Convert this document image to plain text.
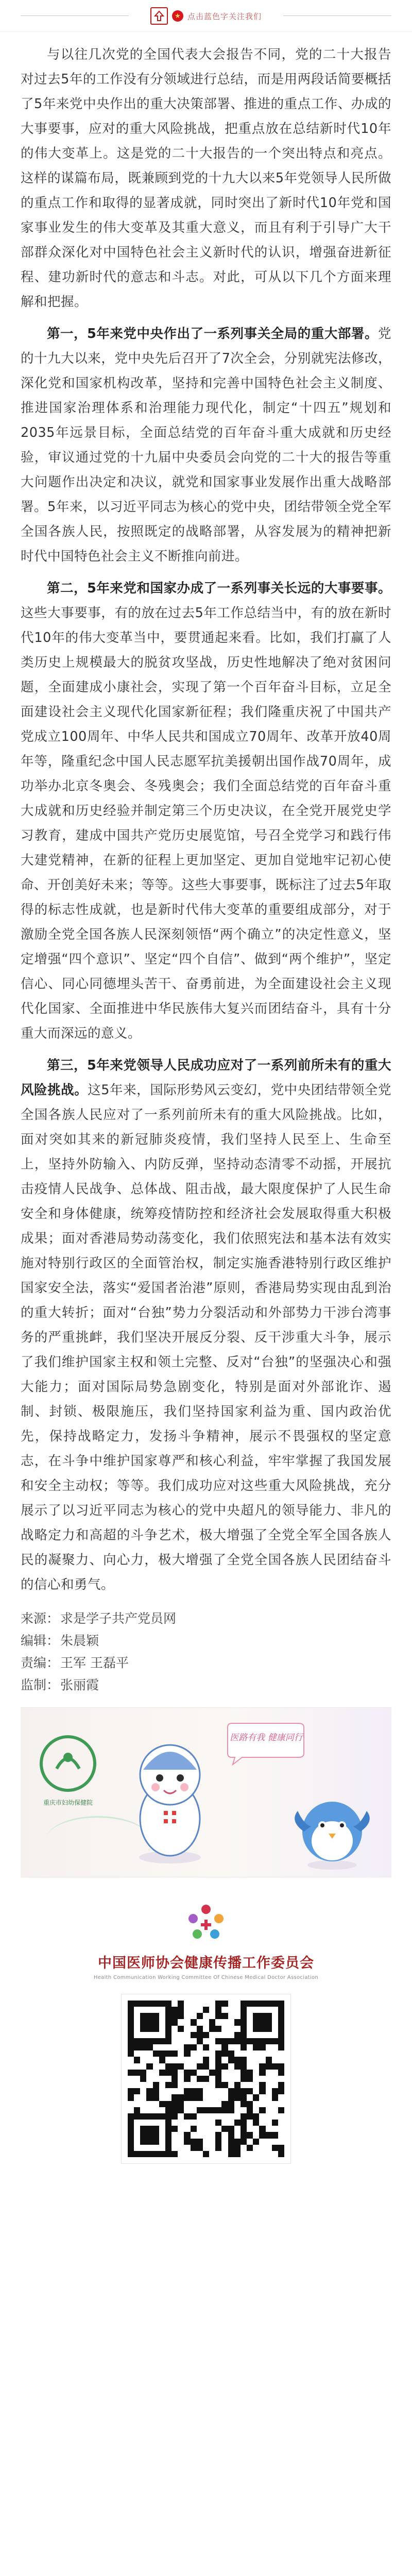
★ 点击蓝色字关注我们

与以往几次党的全国代表大会报告不同，党的二十大报告对过去5年的工作没有分领域进行总结，而是用两段话简要概括了5年来党中央作出的重大决策部署、推进的重点工作、办成的大事要事，应对的重大风险挑战，把重点放在总结新时代10年的伟大变革上。这是党的二十大报告的一个突出特点和亮点。这样的谋篇布局，既兼顾到党的十九大以来5年党领导人民所做的重点工作和取得的显著成就，同时突出了新时代10年党和国家事业发生的伟大变革及其重大意义，而且有利于引导广大干部群众深化对中国特色社会主义新时代的认识，增强奋进新征程、建功新时代的意志和斗志。对此，可从以下几个方面来理解和把握。

第一，5年来党中央作出了一系列事关全局的重大部署。党的十九大以来，党中央先后召开了7次全会，分别就宪法修改，深化党和国家机构改革，坚持和完善中国特色社会主义制度、推进国家治理体系和治理能力现代化，制定“十四五”规划和2035年远景目标，全面总结党的百年奋斗重大成就和历史经验，审议通过党的十九届中央委员会向党的二十大的报告等重大问题作出决定和决议，就党和国家事业发展作出重大战略部署。5年来，以习近平同志为核心的党中央，团结带领全党全军全国各族人民，按照既定的战略部署，从容发展为的精神把新时代中国特色社会主义不断推向前进。

第二，5年来党和国家办成了一系列事关长远的大事要事。这些大事要事，有的放在过去5年工作总结当中，有的放在新时代10年的伟大变革当中，要贯通起来看。比如，我们打赢了人类历史上规模最大的脱贫攻坚战，历史性地解决了绝对贫困问题，全面建成小康社会，实现了第一个百年奋斗目标，立足全面建设社会主义现代化国家新征程；我们隆重庆祝了中国共产党成立100周年、中华人民共和国成立70周年、改革开放40周年等，隆重纪念中国人民志愿军抗美援朝出国作战70周年，成功举办北京冬奥会、冬残奥会；我们全面总结党的百年奋斗重大成就和历史经验并制定第三个历史决议，在全党开展党史学习教育，建成中国共产党历史展览馆，号召全党学习和践行伟大建党精神，在新的征程上更加坚定、更加自觉地牢记初心使命、开创美好未来；等等。这些大事要事，既标注了过去5年取得的标志性成就，也是新时代伟大变革的重要组成部分，对于激励全党全国各族人民深刻领悟“两个确立”的决定性意义，坚定增强“四个意识”、坚定“四个自信”、做到“两个维护”，坚定信心、同心同德埋头苦干、奋勇前进，为全面建设社会主义现代化国家、全面推进中华民族伟大复兴而团结奋斗，具有十分重大而深远的意义。

第三，5年来党领导人民成功应对了一系列前所未有的重大风险挑战。这5年来，国际形势风云变幻，党中央团结带领全党全国各族人民应对了一系列前所未有的重大风险挑战。比如，面对突如其来的新冠肺炎疫情，我们坚持人民至上、生命至上，坚持外防输入、内防反弹，坚持动态清零不动摇，开展抗击疫情人民战争、总体战、阻击战，最大限度保护了人民生命安全和身体健康，统筹疫情防控和经济社会发展取得重大积极成果；面对香港局势动荡变化，我们依照宪法和基本法有效实施对特别行政区的全面管治权，制定实施香港特别行政区维护国家安全法，落实“爱国者治港”原则，香港局势实现由乱到治的重大转折；面对“台独”势力分裂活动和外部势力干涉台湾事务的严重挑衅，我们坚决开展反分裂、反干涉重大斗争，展示了我们维护国家主权和领土完整、反对“台独”的坚强决心和强大能力；面对国际局势急剧变化，特别是面对外部讹诈、遏制、封锁、极限施压，我们坚持国家利益为重、国内政治优先，保持战略定力，发扬斗争精神，展示不畏强权的坚定意志，在斗争中维护国家尊严和核心利益，牢牢掌握了我国发展和安全主动权；等等。我们成功应对这些重大风险挑战，充分展示了以习近平同志为核心的党中央超凡的领导能力、非凡的战略定力和高超的斗争艺术，极大增强了全党全军全国各族人民的凝聚力、向心力，极大增强了全党全国各族人民团结奋斗的信心和勇气。

来源：求是学子共产党员网
编辑：朱晨颖
责编：王军 王磊平
监制：张丽霞
重庆市妇幼保健院
医路有我 健康同行
中国医师协会健康传播工作委员会
Health Communication Working Committee Of Chinese Medical Doctor Association
